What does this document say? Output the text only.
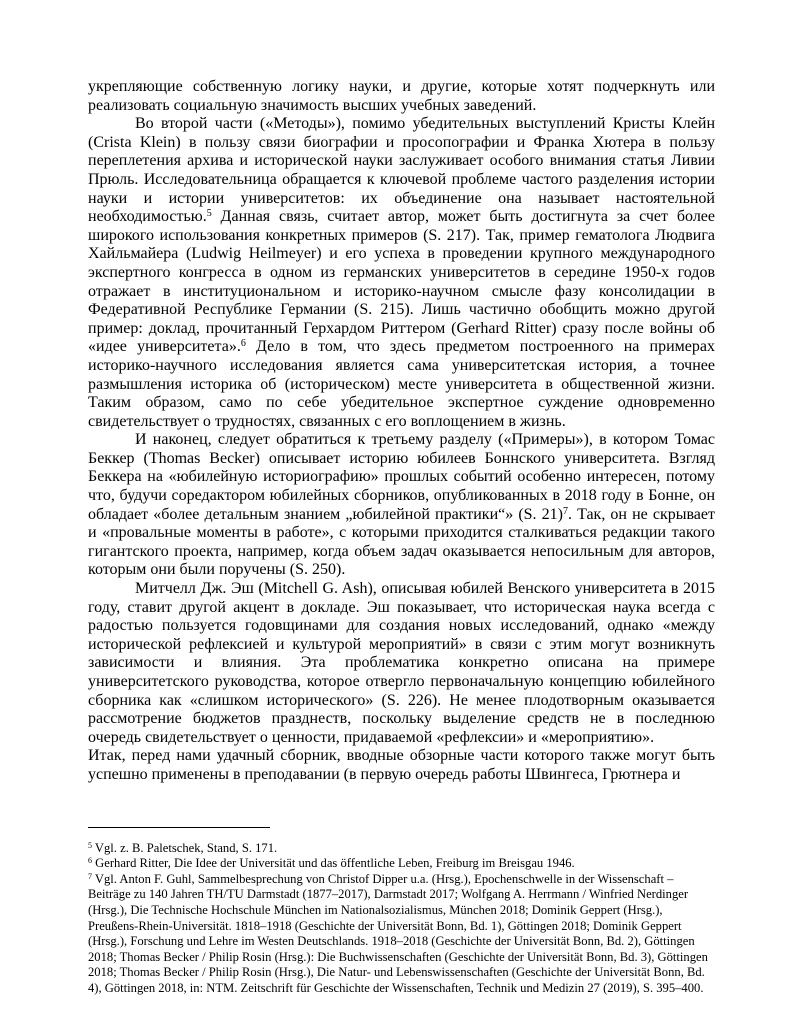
укрепляющие собственную логику науки, и другие, которые хотят подчеркнуть или реализовать социальную значимость высших учебных заведений.

Во второй части («Методы»), помимо убедительных выступлений Кристы Клейн (Crista Klein) в пользу связи биографии и просопографии и Франка Хютера в пользу переплетения архива и исторической науки заслуживает особого внимания статья Ливии Прюль. Исследовательница обращается к ключевой проблеме частого разделения истории науки и истории университетов: их объединение она называет настоятельной необходимостью.$^5$ Данная связь, считает автор, может быть достигнута за счет более широкого использования конкретных примеров (S. 217). Так, пример гематолога Людвига Хайльмайера (Ludwig Heilmeyer) и его успеха в проведении крупного международного экспертного конгресса в одном из германских университетов в середине 1950-х годов отражает в институциональном и историко-научном смысле фазу консолидации в Федеративной Республике Германии (S. 215). Лишь частично обобщить можно другой пример: доклад, прочитанный Герхардом Риттером (Gerhard Ritter) сразу после войны об «идее университета».$^6$ Дело в том, что здесь предметом построенного на примерах историко-научного исследования является сама университетская история, а точнее размышления историка об (историческом) месте университета в общественной жизни. Таким образом, само по себе убедительное экспертное суждение одновременно свидетельствует о трудностях, связанных с его воплощением в жизнь.

И наконец, следует обратиться к третьему разделу («Примеры»), в котором Томас Беккер (Thomas Becker) описывает историю юбилеев Боннского университета. Взгляд Беккера на «юбилейную историографию» прошлых событий особенно интересен, потому что, будучи соредактором юбилейных сборников, опубликованных в 2018 году в Бонне, он обладает «более детальным знанием „юбилейной практики“» (S. 21)$^7$. Так, он не скрывает и «провальные моменты в работе», с которыми приходится сталкиваться редакции такого гигантского проекта, например, когда объем задач оказывается непосильным для авторов, которым они были поручены (S. 250).

Митчелл Дж. Эш (Mitchell G. Ash), описывая юбилей Венского университета в 2015 году, ставит другой акцент в докладе. Эш показывает, что историческая наука всегда с радостью пользуется годовщинами для создания новых исследований, однако «между исторической рефлексией и культурой мероприятий» в связи с этим могут возникнуть зависимости и влияния. Эта проблематика конкретно описана на примере университетского руководства, которое отвергло первоначальную концепцию юбилейного сборника как «слишком исторического» (S. 226). Не менее плодотворным оказывается рассмотрение бюджетов празднеств, поскольку выделение средств не в последнюю очередь свидетельствует о ценности, придаваемой «рефлексии» и «мероприятию».

Итак, перед нами удачный сборник, вводные обзорные части которого также могут быть успешно применены в преподавании (в первую очередь работы Швингеса, Грютнера и

$^5$ Vgl. z. B. Paletschek, Stand, S. 171.

$^6$ Gerhard Ritter, Die Idee der Universität und das öffentliche Leben, Freiburg im Breisgau 1946.

$^7$ Vgl. Anton F. Guhl, Sammelbesprechung von Christof Dipper u.a. (Hrsg.), Epochenschwelle in der Wissenschaft – Beiträge zu 140 Jahren TH/TU Darmstadt (1877–2017), Darmstadt 2017; Wolfgang A. Herrmann / Winfried Nerdinger (Hrsg.), Die Technische Hochschule München im Nationalsozialismus, München 2018; Dominik Geppert (Hrsg.), Preußens-Rhein-Universität. 1818–1918 (Geschichte der Universität Bonn, Bd. 1), Göttingen 2018; Dominik Geppert (Hrsg.), Forschung und Lehre im Westen Deutschlands. 1918–2018 (Geschichte der Universität Bonn, Bd. 2), Göttingen 2018; Thomas Becker / Philip Rosin (Hrsg.): Die Buchwissenschaften (Geschichte der Universität Bonn, Bd. 3), Göttingen 2018; Thomas Becker / Philip Rosin (Hrsg.), Die Natur- und Lebenswissenschaften (Geschichte der Universität Bonn, Bd. 4), Göttingen 2018, in: NTM. Zeitschrift für Geschichte der Wissenschaften, Technik und Medizin 27 (2019), S. 395–400.
